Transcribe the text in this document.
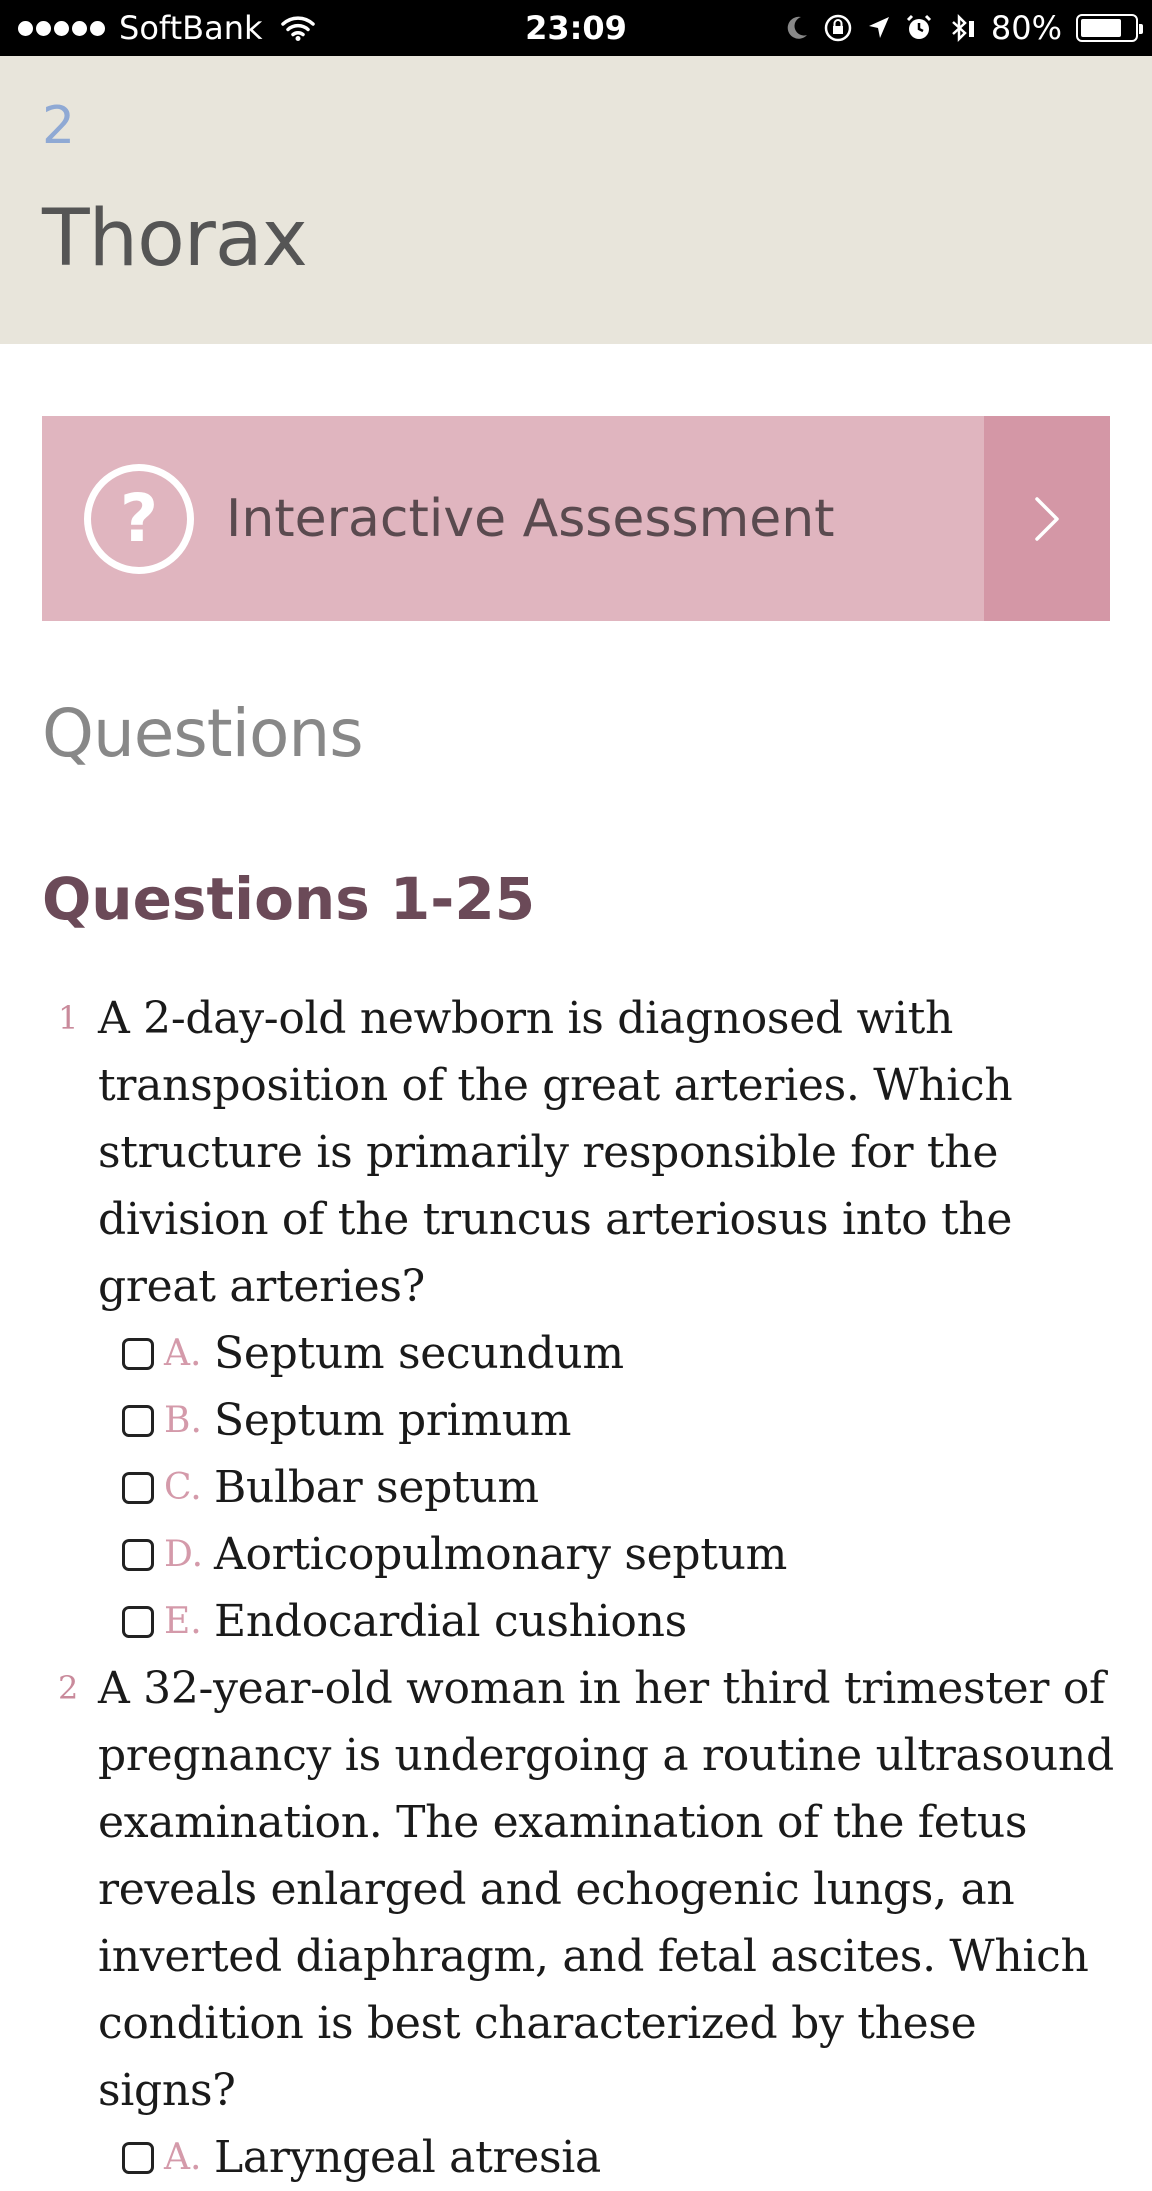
SoftBank	23:09	80%
2
Thorax
?	Interactive Assessment
Questions
Questions 1-25
1 A 2-day-old newborn is diagnosed with transposition of the great arteries. Which structure is primarily responsible for the division of the truncus arteriosus into the great arteries?

A. Septum secundum
B. Septum primum
C. Bulbar septum
D. Aorticopulmonary septum
E. Endocardial cushions
2 A 32-year-old woman in her third trimester of pregnancy is undergoing a routine ultrasound examination. The examination of the fetus reveals enlarged and echogenic lungs, an inverted diaphragm, and fetal ascites. Which condition is best characterized by these signs?

A. Laryngeal atresia
